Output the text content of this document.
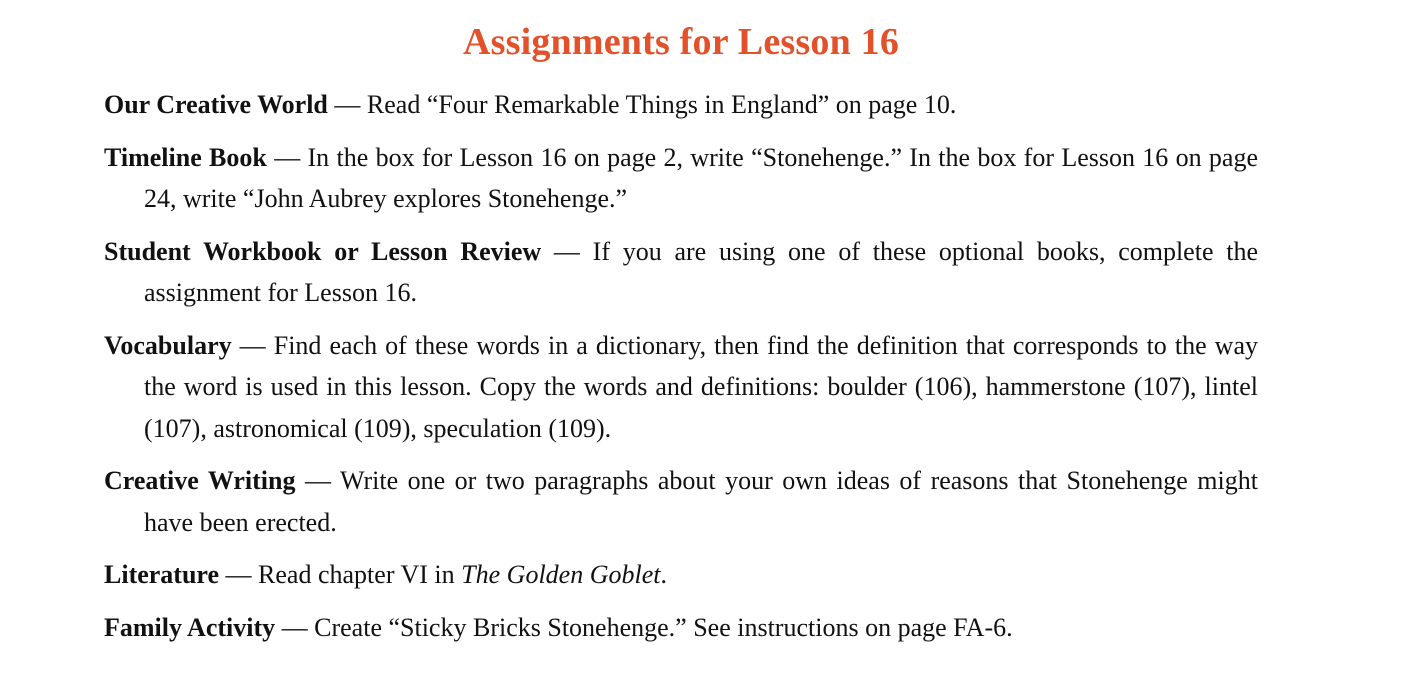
Assignments for Lesson 16

Our Creative World — Read “Four Remarkable Things in England” on page 10.

Timeline Book — In the box for Lesson 16 on page 2, write “Stonehenge.” In the box for Lesson 16 on page 24, write “John Aubrey explores Stonehenge.”

Student Workbook or Lesson Review — If you are using one of these optional books, complete the assignment for Lesson 16.

Vocabulary — Find each of these words in a dictionary, then find the definition that corresponds to the way the word is used in this lesson. Copy the words and definitions: boulder (106), hammerstone (107), lintel (107), astronomical (109), speculation (109).

Creative Writing — Write one or two paragraphs about your own ideas of reasons that Stonehenge might have been erected.

Literature — Read chapter VI in The Golden Goblet.

Family Activity — Create “Sticky Bricks Stonehenge.” See instructions on page FA-6.
